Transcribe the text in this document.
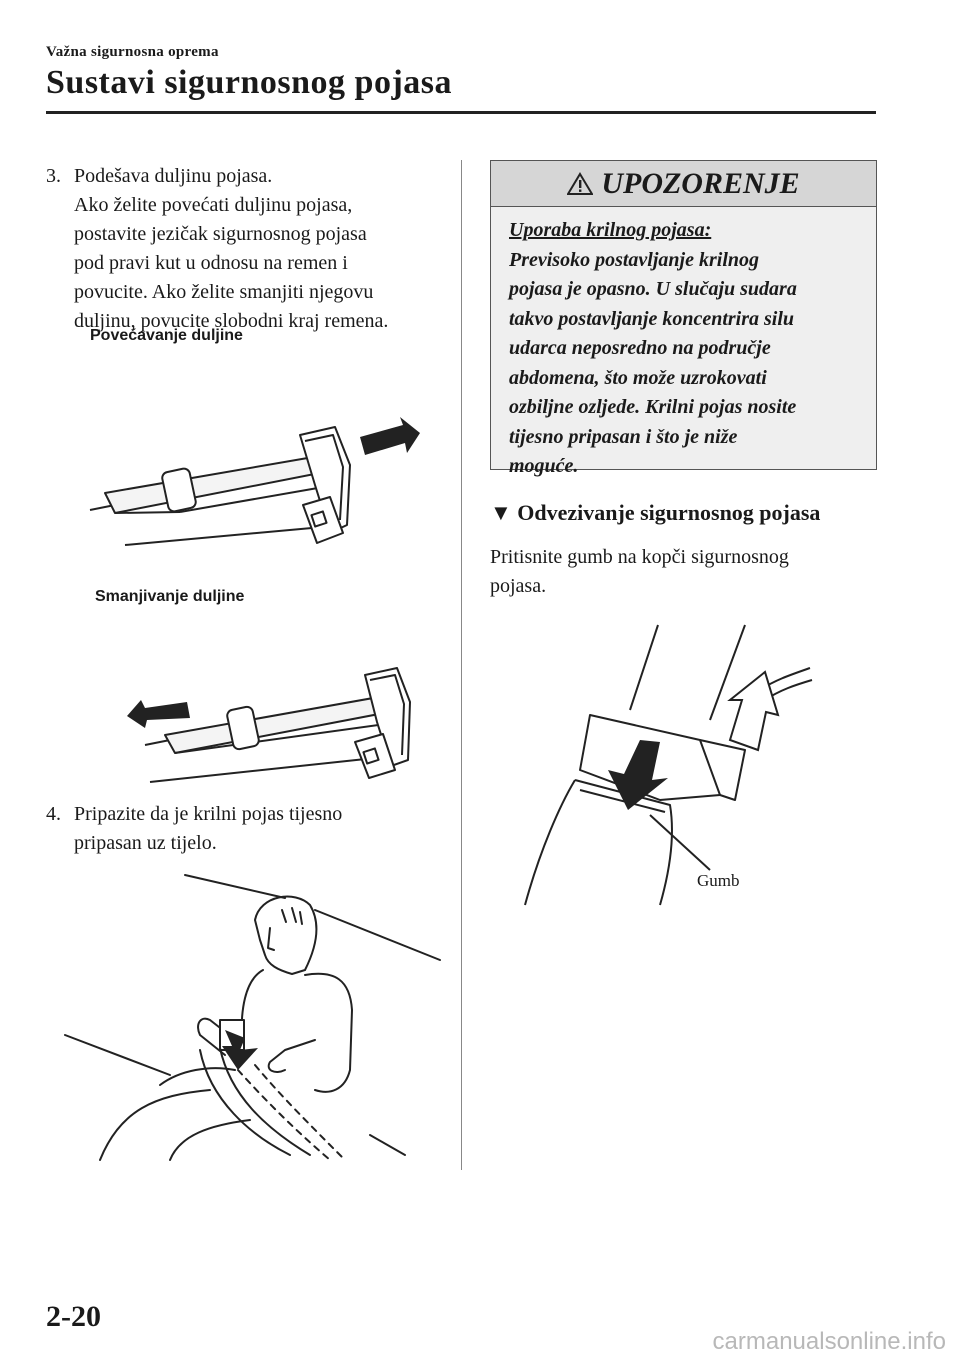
Važna sigurnosna oprema
Sustavi sigurnosnog pojasa
3. Podešava duljinu pojasa.
Ako želite povećati duljinu pojasa,
postavite jezičak sigurnosnog pojasa
pod pravi kut u odnosu na remen i
povucite. Ako želite smanjiti njegovu
duljinu, povucite slobodni kraj remena.
Povećavanje duljine
Smanjivanje duljine
4. Pripazite da je krilni pojas tijesno
pripasan uz tijelo.
UPOZORENJE
Uporaba krilnog pojasa:
Previsoko postavljanje krilnog
pojasa je opasno. U slučaju sudara
takvo postavljanje koncentrira silu
udarca neposredno na područje
abdomena, što može uzrokovati
ozbiljne ozljede. Krilni pojas nosite
tijesno pripasan i što je niže
moguće.
▼ Odvezivanje sigurnosnog pojasa
Pritisnite gumb na kopči sigurnosnog
pojasa.
Gumb
2-20
carmanualsonline.info
